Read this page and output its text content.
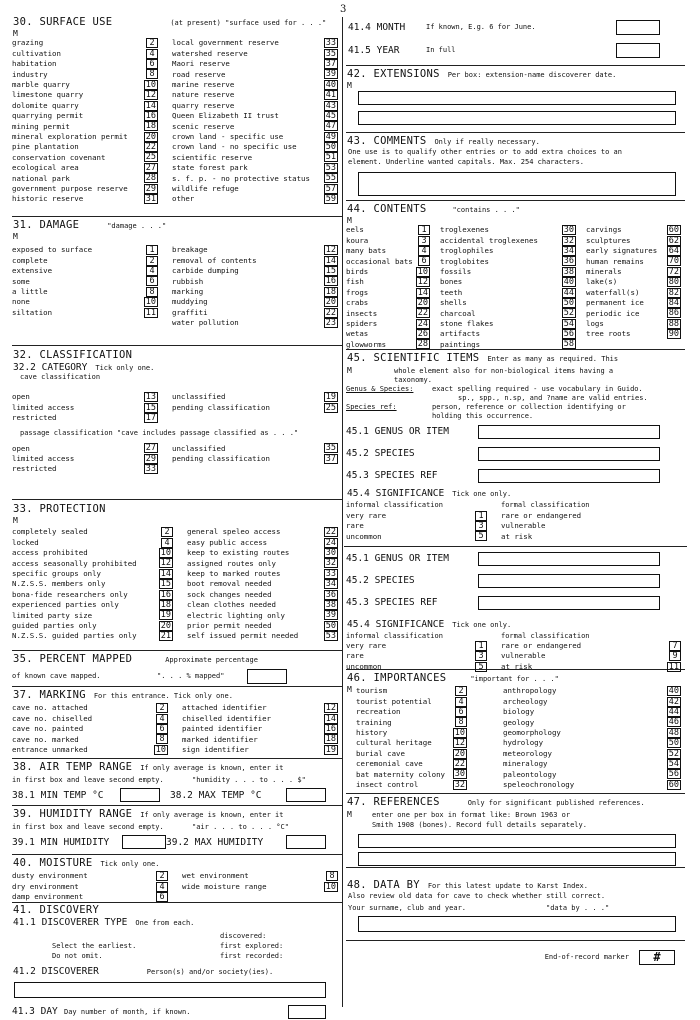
3
30. SURFACE USE	(at present) "surface used for . . ."
M
grazing	2
cultivation	4
habitation	6
industry	8
marble quarry	10
limestone quarry	12
dolomite quarry	14
quarrying permit	16
mining permit	18
mineral exploration permit	20
pine plantation	22
conservation covenant	25
ecological area	27
national park	28
government purpose reserve	29
historic reserve	31
local government reserve	33
watershed reserve	35
Maori reserve	37
road reserve	39
marine reserve	40
nature reserve	41
quarry reserve	43
Queen Elizabeth II trust	45
scenic reserve	47
crown land - specific use	49
crown land - no specific use	50
scientific reserve	51
state forest park	53
s. f. p. - no protective status	55
wildlife refuge	57
other	59
31. DAMAGE	"damage . . ."
M
exposed to surface	1
complete	2
extensive	4
some	6
a little	8
none	10
siltation	11
breakage	12
removal of contents	14
carbide dumping	15
rubbish	16
marking	18
muddying	20
graffiti	22
water pollution	23
32. CLASSIFICATION
32.2 CATEGORY Tick only one.
cave classification
open	13
limited access	15
restricted	17
unclassified	19
pending classification	25
passage classification "cave includes passage classified as . . ."
open	27
limited access	29
restricted	33
unclassified	35
pending classification	37
33. PROTECTION
M
completely sealed	2
locked	4
access prohibited	10
access seasonally prohibited	12
specific groups only	14
N.Z.S.S. members only	15
bona-fide researchers only	16
experienced parties only	18
limited party size	19
guided parties only	20
N.Z.S.S. guided parties only	21
general speleo access	22
easy public access	24
keep to existing routes	30
assigned routes only	32
keep to marked routes	33
boot removal needed	34
sock changes needed	36
clean clothes needed	38
electric lighting only	39
prior permit needed	50
self issued permit needed	53
35. PERCENT MAPPED	Approximate percentage
of known cave mapped.	". . . % mapped"
37. MARKING For this entrance. Tick only one.
cave no. attached	2
cave no. chiselled	4
cave no. painted	6
cave no. marked	8
entrance unmarked	10
attached identifier	12
chiselled identifier	14
painted identifier	16
marked identifier	18
sign identifier	19
38. AIR TEMP RANGE If only average is known, enter it
in first box and leave second empty.	"humidity . . . to . . . $"
38.1 MIN TEMP °C	38.2 MAX TEMP °C
39. HUMIDITY RANGE If only average is known, enter it
in first box and leave second empty.	"air . . . to . . . °C"
39.1 MIN HUMIDITY	39.2 MAX HUMIDITY
40. MOISTURE Tick only one.
dusty environment	2
dry environment	4
damp environment	6
wet environment	8
wide moisture range	10
41. DISCOVERY
41.1 DISCOVERER TYPE One from each.
discovered:
Select the earliest.	first explored:
Do not omit.	first recorded:
41.2 DISCOVERER	Person(s) and/or society(ies).
41.3 DAY Day number of month, if known.
41.4 MONTH	If known, E.g. 6 for June.
41.5 YEAR	In full
42. EXTENSIONS Per box: extension-name discoverer date.
M
43. COMMENTS Only if really necessary.
One use is to qualify other entries or to add extra choices to an
element. Underline wanted capitals. Max. 254 characters.
44. CONTENTS	"contains . . ."
M
eels	1
koura	3
many bats	4
occasional bats	6
birds	10
fish	12
frogs	14
crabs	20
insects	22
spiders	24
wetas	26
glowworms	28
troglexenes	30
accidental troglexenes	32
troglophiles	34
troglobites	36
fossils	38
bones	40
teeth	44
shells	50
charcoal	52
stone flakes	54
artifacts	56
paintings	58
carvings	60
sculptures	62
early signatures	64
human remains	70
minerals	72
lake(s)	80
waterfall(s)	82
permanent ice	84
periodic ice	86
logs	88
tree roots	90
45. SCIENTIFIC ITEMS Enter as many as required. This
M	whole element also for non-biological items having a
taxonomy.
Genus & Species:	exact spelling required - use vocabulary in Guido.
sp., spp., n.sp, and ?name are valid entries.
Species ref:	person, reference or collection identifying or
holding this occurrence.
45.1 GENUS OR ITEM
45.2 SPECIES
45.3 SPECIES REF
45.4 SIGNIFICANCE Tick one only.
informal classification
very rare	1
rare	3
uncommon	5
formal classification
rare or endangered
vulnerable
at risk
45.1 GENUS OR ITEM
45.2 SPECIES
45.3 SPECIES REF
45.4 SIGNIFICANCE Tick one only.
informal classification
very rare	1
rare	3
uncommon	5
formal classification
rare or endangered	7
vulnerable	9
at risk	11
46. IMPORTANCES	"important for . . ."
M tourism	2
tourist potential	4
recreation	6
training	8
history	10
cultural heritage	12
burial cave	20
ceremonial cave	22
bat maternity colony	30
insect control	32
anthropology	40
archeology	42
biology	44
geology	46
geomorphology	48
hydrology	50
meteorology	52
mineralogy	54
paleontology	56
speleochronology	60
47. REFERENCES	Only for significant published references.
M	enter one per box in format like: Brown 1963 or
Smith 1908 (bones). Record full details separately.
48. DATA BY For this latest update to Karst Index.
Also review old data for cave to check whether still correct.
Your surname, club and year.	"data by . . ."
End-of-record marker	#
